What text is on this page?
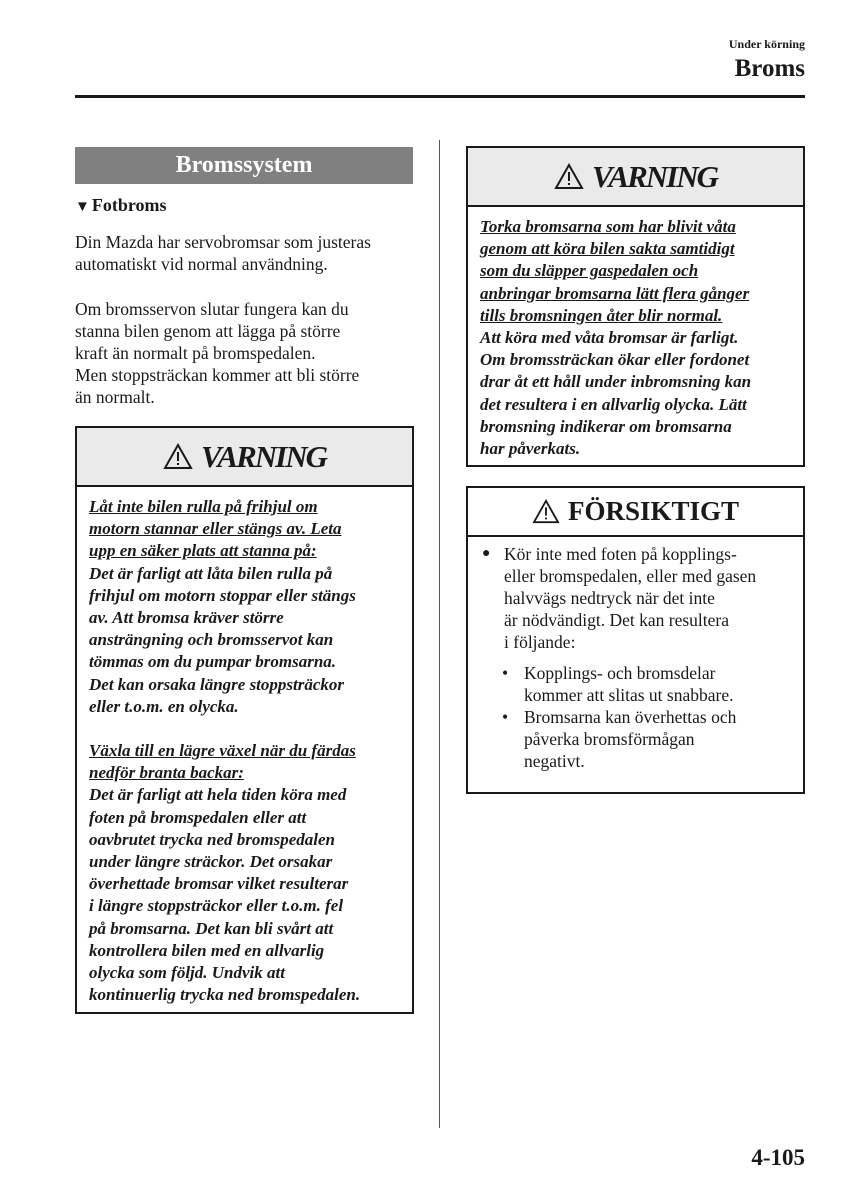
Under körning
Broms
Bromssystem
▼ Fotbroms
Din Mazda har servobromsar som justeras
automatiskt vid normal användning.
Om bromsservon slutar fungera kan du
stanna bilen genom att lägga på större
kraft än normalt på bromspedalen.
Men stoppsträckan kommer att bli större
än normalt.
VARNING
Låt inte bilen rulla på frihjul om
motorn stannar eller stängs av. Leta
upp en säker plats att stanna på:
Det är farligt att låta bilen rulla på
frihjul om motorn stoppar eller stängs
av. Att bromsa kräver större
ansträngning och bromsservot kan
tömmas om du pumpar bromsarna.
Det kan orsaka längre stoppsträckor
eller t.o.m. en olycka.
Växla till en lägre växel när du färdas
nedför branta backar:
Det är farligt att hela tiden köra med
foten på bromspedalen eller att
oavbrutet trycka ned bromspedalen
under längre sträckor. Det orsakar
överhettade bromsar vilket resulterar
i längre stoppsträckor eller t.o.m. fel
på bromsarna. Det kan bli svårt att
kontrollera bilen med en allvarlig
olycka som följd. Undvik att
kontinuerlig trycka ned bromspedalen.
VARNING
Torka bromsarna som har blivit våta
genom att köra bilen sakta samtidigt
som du släpper gaspedalen och
anbringar bromsarna lätt flera gånger
tills bromsningen åter blir normal.
Att köra med våta bromsar är farligt.
Om bromssträckan ökar eller fordonet
drar åt ett håll under inbromsning kan
det resultera i en allvarlig olycka. Lätt
bromsning indikerar om bromsarna
har påverkats.
FÖRSIKTIGT
● Kör inte med foten på kopplings-
eller bromspedalen, eller med gasen
halvvägs nedtryck när det inte
är nödvändigt. Det kan resultera
i följande:
• Kopplings- och bromsdelar
kommer att slitas ut snabbare.
• Bromsarna kan överhettas och
påverka bromsförmågan
negativt.
4-105
